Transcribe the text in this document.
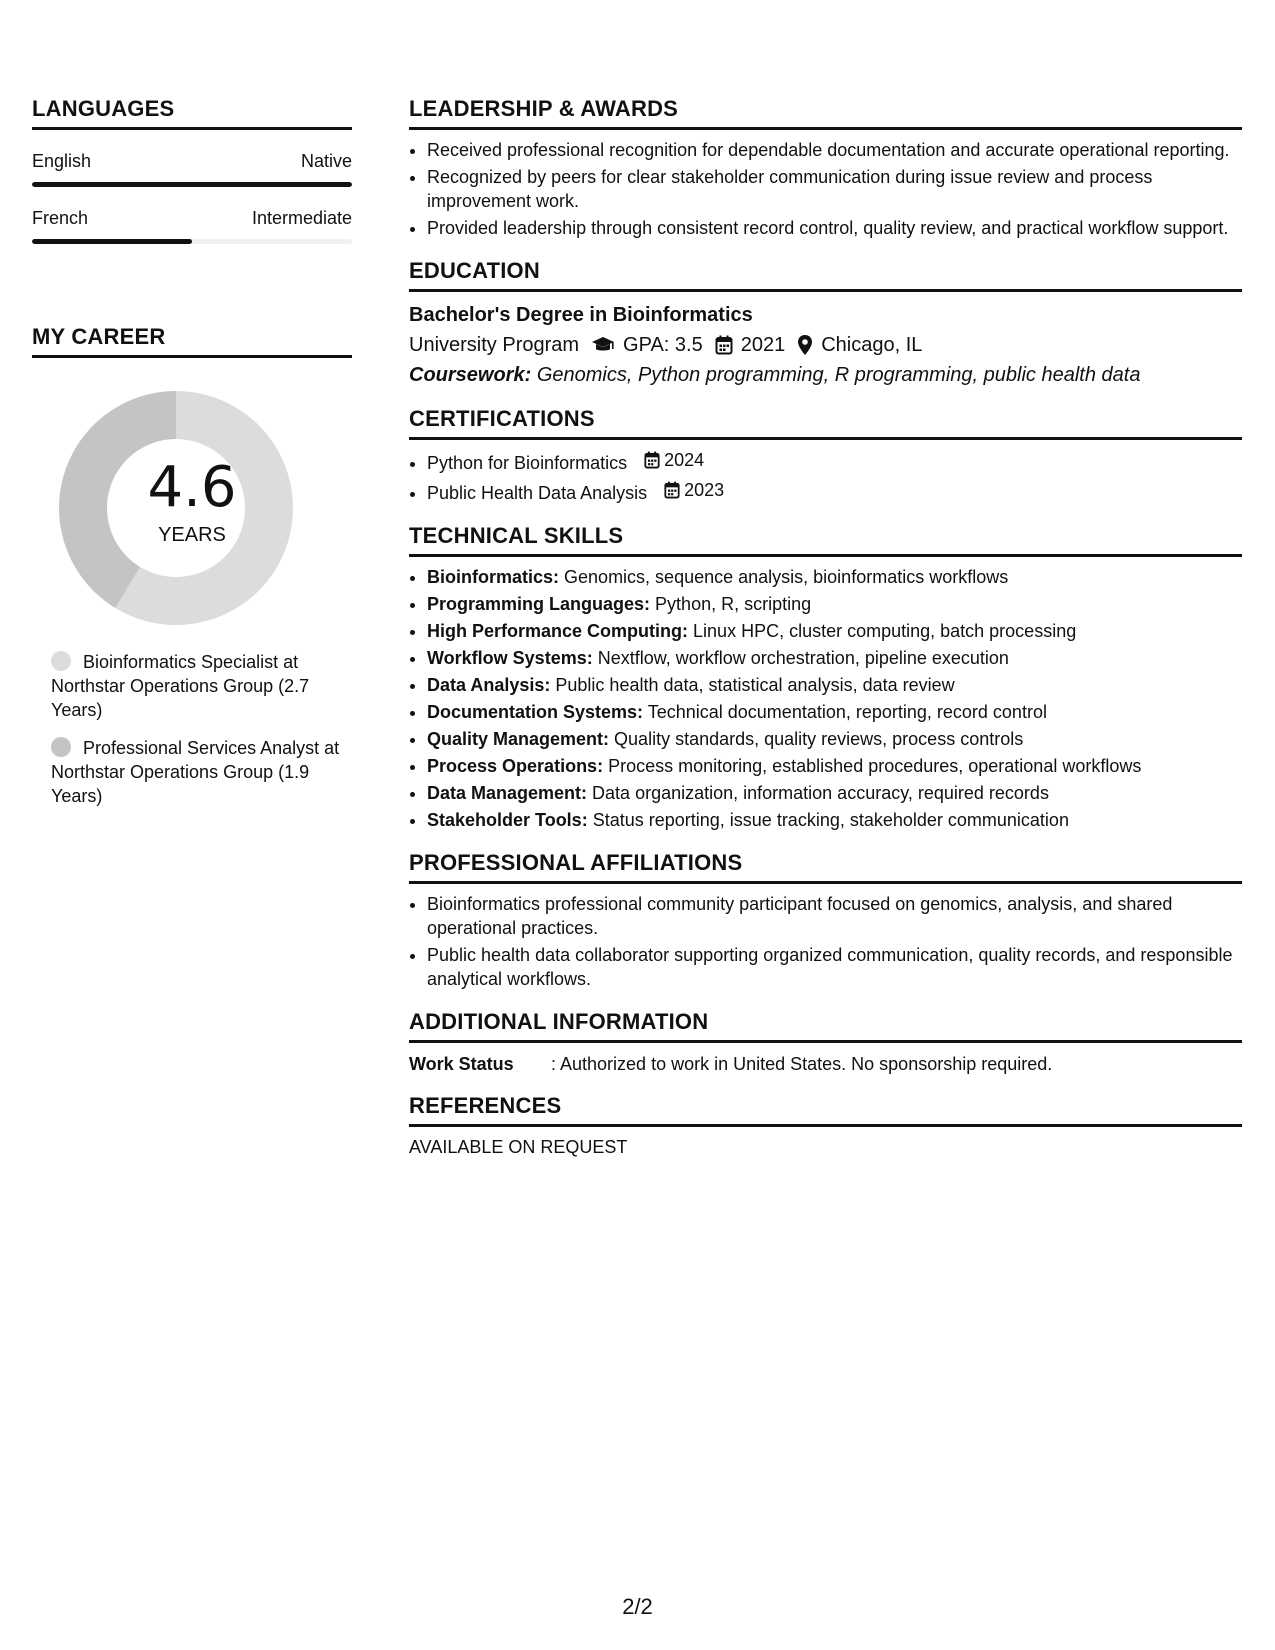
LANGUAGES
English	Native
French	Intermediate
MY CAREER
4.6
YEARS
Bioinformatics Specialist at Northstar Operations Group (2.7 Years)
Professional Services Analyst at Northstar Operations Group (1.9 Years)
LEADERSHIP & AWARDS
• Received professional recognition for dependable documentation and accurate operational reporting.
• Recognized by peers for clear stakeholder communication during issue review and process improvement work.
• Provided leadership through consistent record control, quality review, and practical workflow support.
EDUCATION
Bachelor's Degree in Bioinformatics
University Program GPA: 3.5 2021 Chicago, IL
Coursework: Genomics, Python programming, R programming, public health data
CERTIFICATIONS
• Python for Bioinformatics 2024
• Public Health Data Analysis 2023
TECHNICAL SKILLS
• Bioinformatics: Genomics, sequence analysis, bioinformatics workflows
• Programming Languages: Python, R, scripting
• High Performance Computing: Linux HPC, cluster computing, batch processing
• Workflow Systems: Nextflow, workflow orchestration, pipeline execution
• Data Analysis: Public health data, statistical analysis, data review
• Documentation Systems: Technical documentation, reporting, record control
• Quality Management: Quality standards, quality reviews, process controls
• Process Operations: Process monitoring, established procedures, operational workflows
• Data Management: Data organization, information accuracy, required records
• Stakeholder Tools: Status reporting, issue tracking, stakeholder communication
PROFESSIONAL AFFILIATIONS
• Bioinformatics professional community participant focused on genomics, analysis, and shared operational practices.
• Public health data collaborator supporting organized communication, quality records, and responsible analytical workflows.
ADDITIONAL INFORMATION
Work Status	: Authorized to work in United States. No sponsorship required.
REFERENCES
AVAILABLE ON REQUEST
2/2
